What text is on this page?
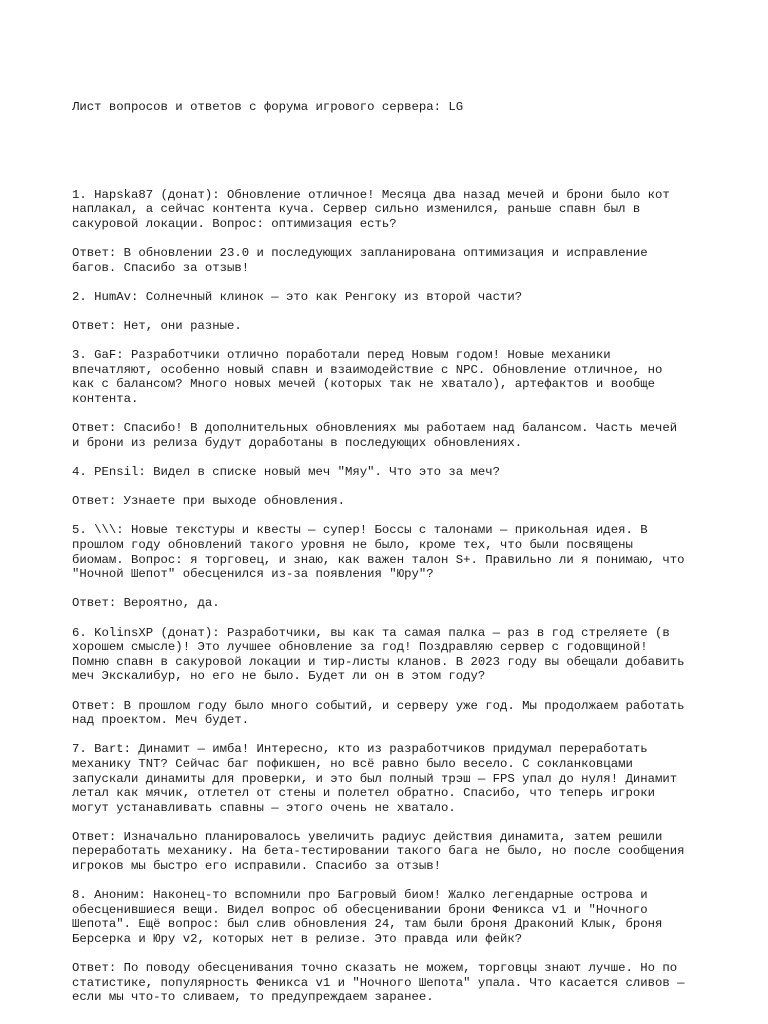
Лист вопросов и ответов с форума игрового сервера: LG

1. Hapska87 (донат): Обновление отличное! Месяца два назад мечей и брони было кот
наплакал, а сейчас контента куча. Сервер сильно изменился, раньше спавн был в
сакуровой локации. Вопрос: оптимизация есть?
Ответ: В обновлении 23.0 и последующих запланирована оптимизация и исправление
багов. Спасибо за отзыв!
2. HumAv: Солнечный клинок — это как Ренгоку из второй части?
Ответ: Нет, они разные.
3. GaF: Разработчики отлично поработали перед Новым годом! Новые механики
впечатляют, особенно новый спавн и взаимодействие с NPC. Обновление отличное, но
как с балансом? Много новых мечей (которых так не хватало), артефактов и вообще
контента.
Ответ: Спасибо! В дополнительных обновлениях мы работаем над балансом. Часть мечей
и брони из релиза будут доработаны в последующих обновлениях.
4. PEnsil: Видел в списке новый меч "Мяу". Что это за меч?
Ответ: Узнаете при выходе обновления.
5. \\\: Новые текстуры и квесты — супер! Боссы с талонами — прикольная идея. В
прошлом году обновлений такого уровня не было, кроме тех, что были посвящены
биомам. Вопрос: я торговец, и знаю, как важен талон S+. Правильно ли я понимаю, что
"Ночной Шепот" обесценился из-за появления "Юру"?
Ответ: Вероятно, да.
6. KolinsXP (донат): Разработчики, вы как та самая палка — раз в год стреляете (в
хорошем смысле)! Это лучшее обновление за год! Поздравляю сервер с годовщиной!
Помню спавн в сакуровой локации и тир-листы кланов. В 2023 году вы обещали добавить
меч Экскалибур, но его не было. Будет ли он в этом году?
Ответ: В прошлом году было много событий, и серверу уже год. Мы продолжаем работать
над проектом. Меч будет.
7. Bart: Динамит — имба! Интересно, кто из разработчиков придумал переработать
механику TNT? Сейчас баг пофикшен, но всё равно было весело. С сокланковцами
запускали динамиты для проверки, и это был полный трэш — FPS упал до нуля! Динамит
летал как мячик, отлетел от стены и полетел обратно. Спасибо, что теперь игроки
могут устанавливать спавны — этого очень не хватало.
Ответ: Изначально планировалось увеличить радиус действия динамита, затем решили
переработать механику. На бета-тестировании такого бага не было, но после сообщения
игроков мы быстро его исправили. Спасибо за отзыв!
8. Аноним: Наконец-то вспомнили про Багровый биом! Жалко легендарные острова и
обесценившиеся вещи. Видел вопрос об обесценивании брони Феникса v1 и "Ночного
Шепота". Ещё вопрос: был слив обновления 24, там были броня Драконий Клык, броня
Берсерка и Юру v2, которых нет в релизе. Это правда или фейк?
Ответ: По поводу обесценивания точно сказать не можем, торговцы знают лучше. Но по
статистике, популярность Феникса v1 и "Ночного Шепота" упала. Что касается сливов —
если мы что-то сливаем, то предупреждаем заранее.
